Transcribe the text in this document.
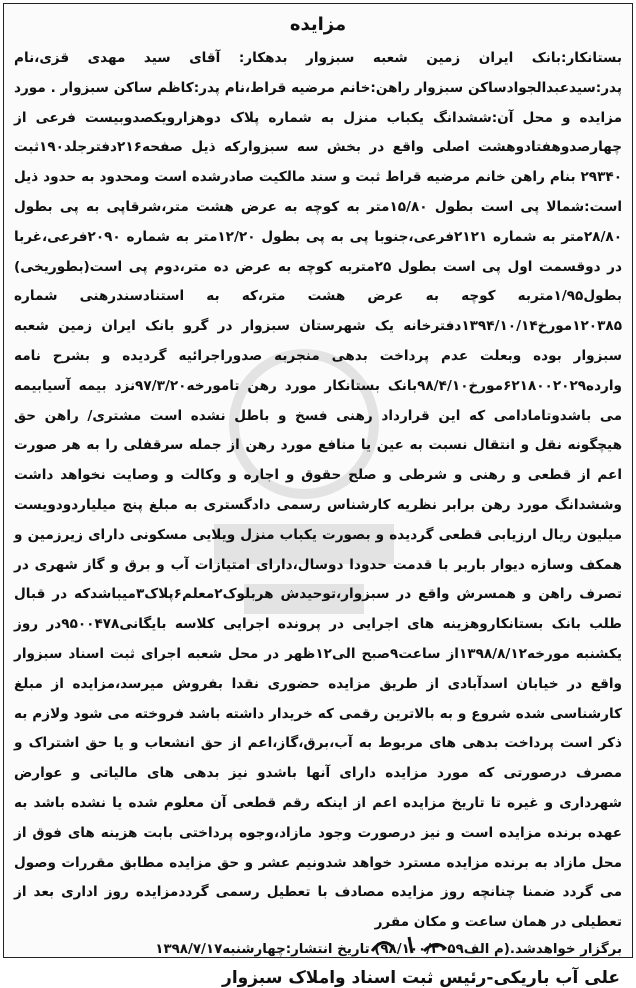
مزایده

بستانکار:بانک ایران زمین شعبه سبزوار بدهکار: آقای سید مهدی قزی،نام پدر:سیدعبدالجوادساکن سبزوار راهن:خانم مرضیه قراط،نام پدر:کاظم ساکن سبزوار . مورد مزایده و محل آن:ششدانگ یکباب منزل به شماره پلاک دوهزارویکصدوبیست فرعی از چهارصدوهفتادوهشت اصلی واقع در بخش سه سبزوارکه ذیل صفحه۲۱۶دفترجلد۱۹۰ثبت ۲۹۳۴۰ بنام راهن خانم مرضیه قراط ثبت و سند مالکیت صادرشده است ومحدود به حدود ذیل است:شمالا پی است بطول ۱۵/۸۰متر به کوچه به عرض هشت متر،شرقاپی به پی بطول ۲۸/۸۰متر به شماره ۲۱۲۱فرعی،جنوبا پی به پی بطول ۱۲/۲۰متر به شماره ۲۰۹۰فرعی،غربا در دوقسمت اول پی است بطول ۲۵متربه کوچه به عرض ده متر،دوم پی است(بطوریخی) بطول۱/۹۵متربه کوچه به عرض هشت متر،که به استنادسندرهنی شماره ۱۲۰۳۸۵مورخ۱۳۹۴/۱۰/۱۴دفترخانه یک شهرستان سبزوار در گرو بانک ایران زمین شعبه سبزوار بوده وبعلت عدم پرداخت بدهی منجربه صدوراجرائیه گردیده و بشرح نامه وارده۶۲۱۸۰۰۲۰۲۹مورخ۹۸/۴/۱۰بانک بستانکار مورد رهن تامورخه۹۷/۳/۲۰نزد بیمه آسیابیمه می باشدوتامادامی که این قرارداد رهنی فسخ و باطل نشده است مشتری/ راهن حق هیچگونه نقل و انتقال نسبت به عین یا منافع مورد رهن از جمله سرقفلی را به هر صورت اعم از قطعی و رهنی و شرطی و صلح حقوق و اجاره و وکالت و وصایت نخواهد داشت وششدانگ مورد رهن برابر نظریه کارشناس رسمی دادگستری به مبلغ پنج میلیاردودویست میلیون ریال ارزیابی قطعی گردیده و بصورت یکباب منزل ویلایی مسکونی دارای زیرزمین و همکف وسازه دیوار باربر با قدمت حدودا دوسال،دارای امتیازات آب و برق و گاز شهری در تصرف راهن و همسرش واقع در سبزوار،توحیدش هربلوک۲معلم۶پلاک۳میباشدکه در قبال طلب بانک بستانکاروهزینه های اجرایی در پرونده اجرایی کلاسه بایگانی۹۵۰۰۴۷۸در روز یکشنبه مورخه۱۳۹۸/۸/۱۲از ساعت۹صبح الی۱۲ظهر در محل شعبه اجرای ثبت اسناد سبزوار واقع در خیابان اسدآبادی از طریق مزایده حضوری نقدا بفروش میرسد،مزایده از مبلغ کارشناسی شده شروع و به بالاترین رقمی که خریدار داشته باشد فروخته می شود ولازم به ذکر است پرداخت بدهی های مربوط به آب،برق،گاز،اعم از حق انشعاب و یا حق اشتراک و مصرف درصورتی که مورد مزایده دارای آنها باشدو نیز بدهی های مالیاتی و عوارض شهرداری و غیره تا تاریخ مزایده اعم از اینکه رقم قطعی آن معلوم شده یا نشده باشد به عهده برنده مزایده است و نیز درصورت وجود مازاد،وجوه پرداختی بابت هزینه های فوق از محل مازاد به برنده مزایده مسترد خواهد شدونیم عشر و حق مزایده مطابق مقررات وصول می گردد ضمنا چنانچه روز مزایده مصادف با تعطیل رسمی گرددمزایده روز اداری بعد از تعطیلی در همان ساعت و مکان مقرر

برگزار خواهدشد.(م الف۹۸/۱۰۰/۳۰۵۹) تاریخ انتشار:چهارشنبه۱۳۹۸/۷/۱۷
علی آب باریکی-رئیس ثبت اسناد واملاک سبزوار
